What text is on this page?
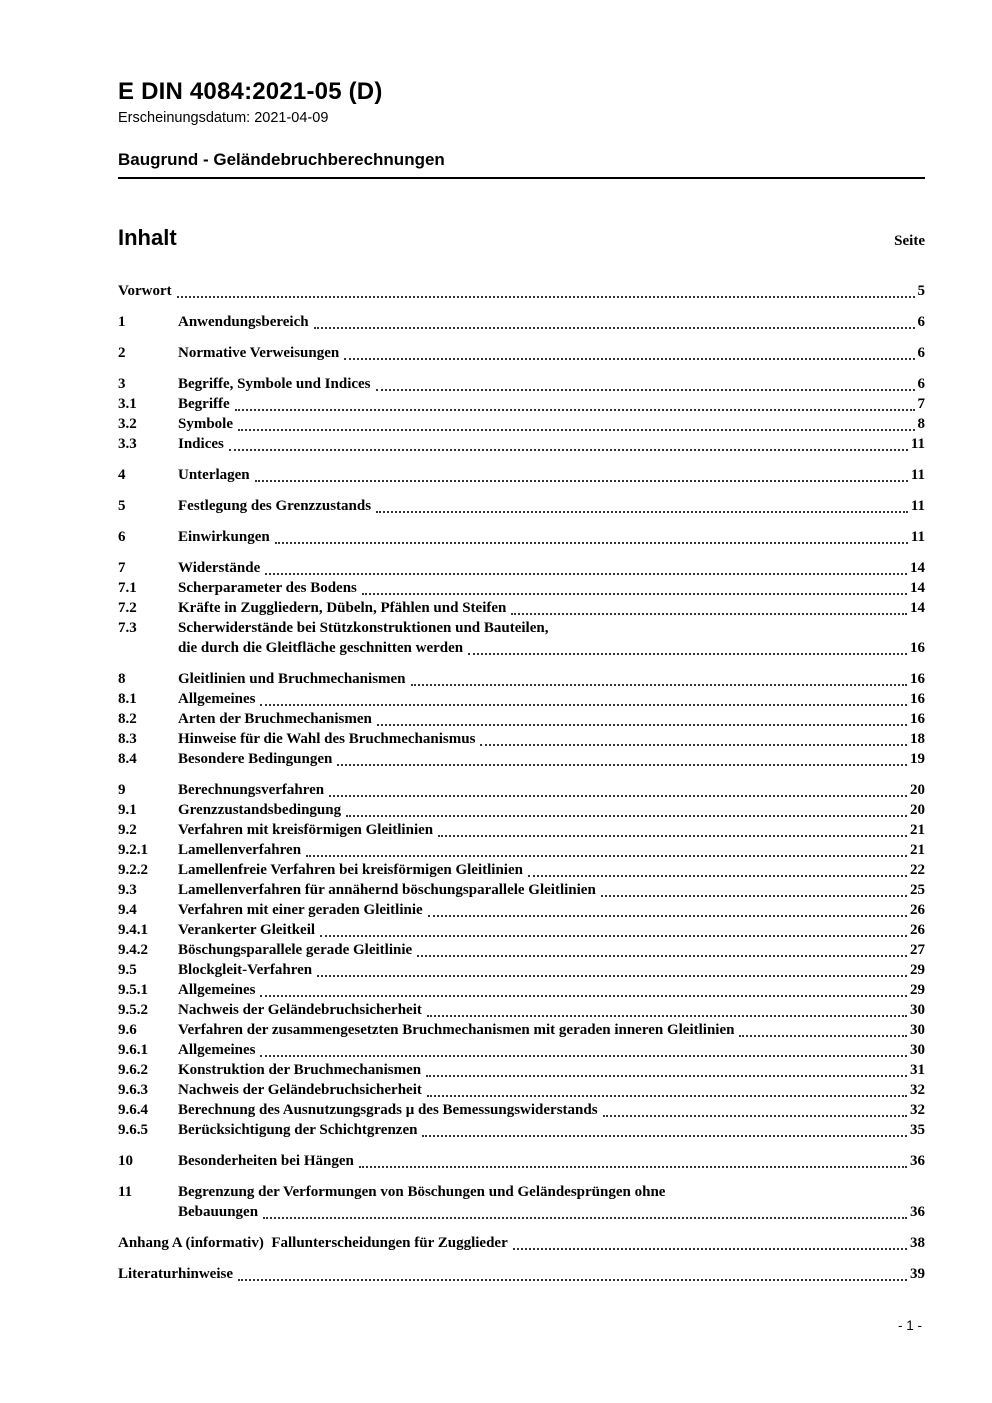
E DIN 4084:2021-05 (D)
Erscheinungsdatum: 2021-04-09
Baugrund - Geländebruchberechnungen
Inhalt	Seite
Vorwort	5
1	Anwendungsbereich	6
2	Normative Verweisungen	6
3	Begriffe, Symbole und Indices	6
3.1	Begriffe	7
3.2	Symbole	8
3.3	Indices	11
4	Unterlagen	11
5	Festlegung des Grenzzustands	11
6	Einwirkungen	11
7	Widerstände	14
7.1	Scherparameter des Bodens	14
7.2	Kräfte in Zuggliedern, Dübeln, Pfählen und Steifen	14
7.3	Scherwiderstände bei Stützkonstruktionen und Bauteilen,
die durch die Gleitfläche geschnitten werden	16
8	Gleitlinien und Bruchmechanismen	16
8.1	Allgemeines	16
8.2	Arten der Bruchmechanismen	16
8.3	Hinweise für die Wahl des Bruchmechanismus	18
8.4	Besondere Bedingungen	19
9	Berechnungsverfahren	20
9.1	Grenzzustandsbedingung	20
9.2	Verfahren mit kreisförmigen Gleitlinien	21
9.2.1	Lamellenverfahren	21
9.2.2	Lamellenfreie Verfahren bei kreisförmigen Gleitlinien	22
9.3	Lamellenverfahren für annähernd böschungsparallele Gleitlinien	25
9.4	Verfahren mit einer geraden Gleitlinie	26
9.4.1	Verankerter Gleitkeil	26
9.4.2	Böschungsparallele gerade Gleitlinie	27
9.5	Blockgleit-Verfahren	29
9.5.1	Allgemeines	29
9.5.2	Nachweis der Geländebruchsicherheit	30
9.6	Verfahren der zusammengesetzten Bruchmechanismen mit geraden inneren Gleitlinien	30
9.6.1	Allgemeines	30
9.6.2	Konstruktion der Bruchmechanismen	31
9.6.3	Nachweis der Geländebruchsicherheit	32
9.6.4	Berechnung des Ausnutzungsgrads μ des Bemessungswiderstands	32
9.6.5	Berücksichtigung der Schichtgrenzen	35
10	Besonderheiten bei Hängen	36
11	Begrenzung der Verformungen von Böschungen und Geländesprüngen ohne
Bebauungen	36
Anhang A (informativ)  Fallunterscheidungen für Zugglieder	38
Literaturhinweise	39
- 1 -
